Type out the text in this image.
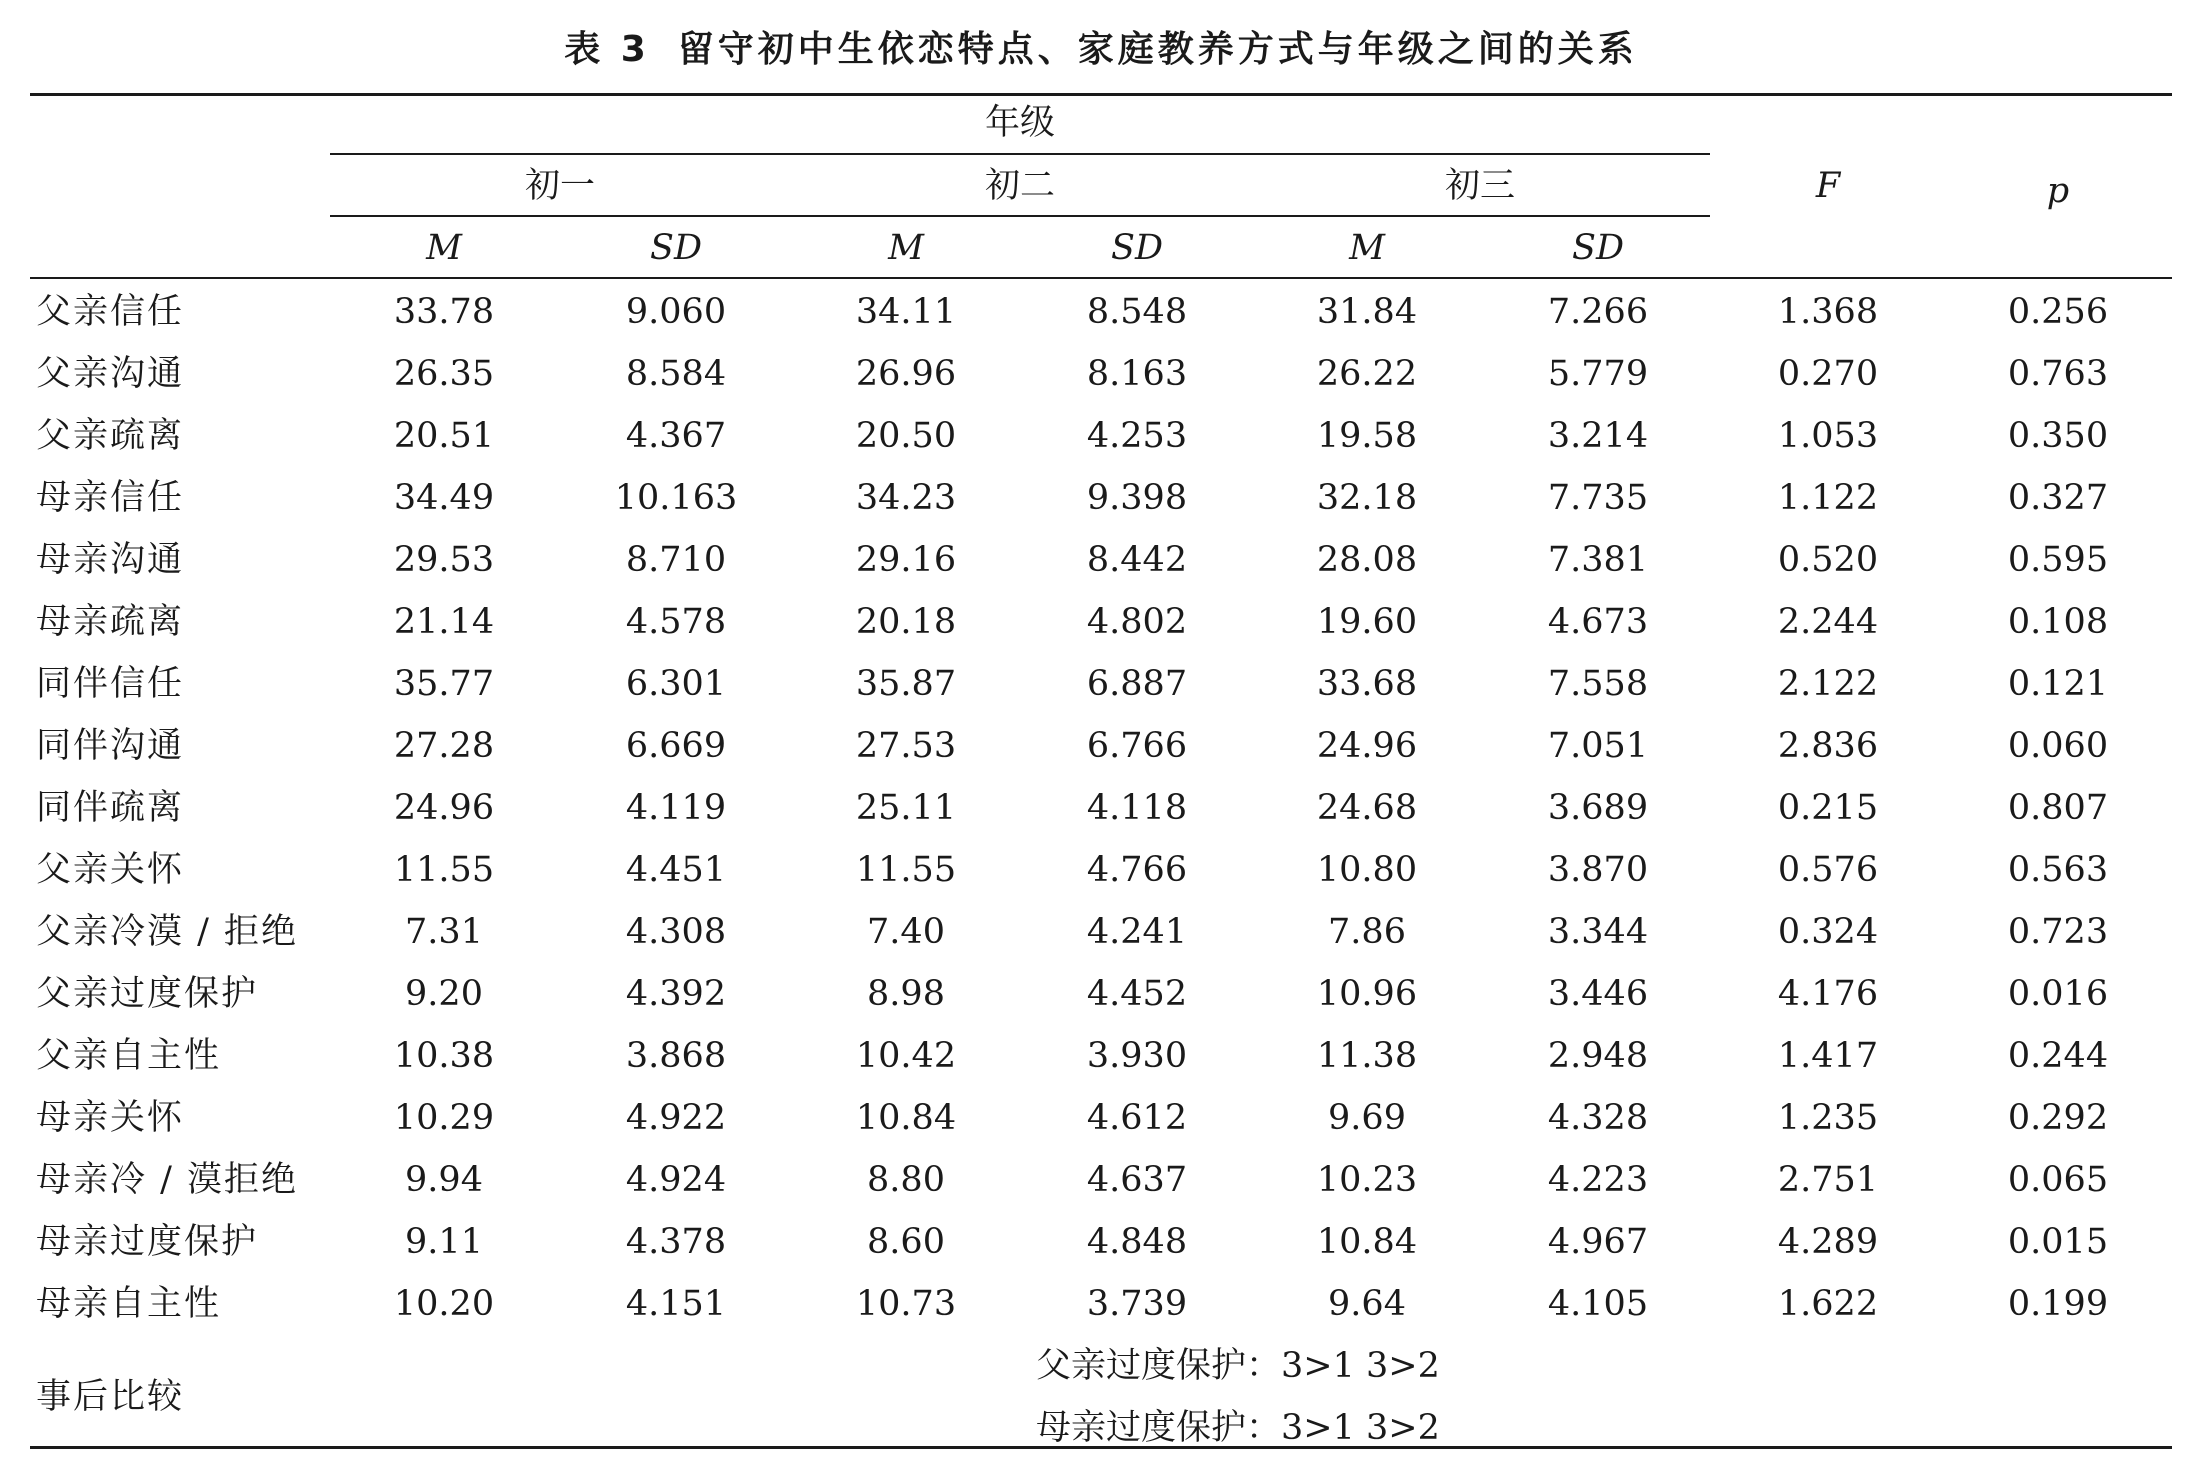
表 3 留守初中生依恋特点、家庭教养方式与年级之间的关系
年级
初一	初二	初三
M	SD	M	SD	M	SD
F	p
父亲信任	33.78	9.060	34.11	8.548	31.84	7.266	1.368	0.256
父亲沟通	26.35	8.584	26.96	8.163	26.22	5.779	0.270	0.763
父亲疏离	20.51	4.367	20.50	4.253	19.58	3.214	1.053	0.350
母亲信任	34.49	10.163	34.23	9.398	32.18	7.735	1.122	0.327
母亲沟通	29.53	8.710	29.16	8.442	28.08	7.381	0.520	0.595
母亲疏离	21.14	4.578	20.18	4.802	19.60	4.673	2.244	0.108
同伴信任	35.77	6.301	35.87	6.887	33.68	7.558	2.122	0.121
同伴沟通	27.28	6.669	27.53	6.766	24.96	7.051	2.836	0.060
同伴疏离	24.96	4.119	25.11	4.118	24.68	3.689	0.215	0.807
父亲关怀	11.55	4.451	11.55	4.766	10.80	3.870	0.576	0.563
父亲冷漠 / 拒绝	7.31	4.308	7.40	4.241	7.86	3.344	0.324	0.723
父亲过度保护	9.20	4.392	8.98	4.452	10.96	3.446	4.176	0.016
父亲自主性	10.38	3.868	10.42	3.930	11.38	2.948	1.417	0.244
母亲关怀	10.29	4.922	10.84	4.612	9.69	4.328	1.235	0.292
母亲冷 / 漠拒绝	9.94	4.924	8.80	4.637	10.23	4.223	2.751	0.065
母亲过度保护	9.11	4.378	8.60	4.848	10.84	4.967	4.289	0.015
母亲自主性	10.20	4.151	10.73	3.739	9.64	4.105	1.622	0.199
事后比较
父亲过度保护：3>1 3>2
母亲过度保护：3>1 3>2
